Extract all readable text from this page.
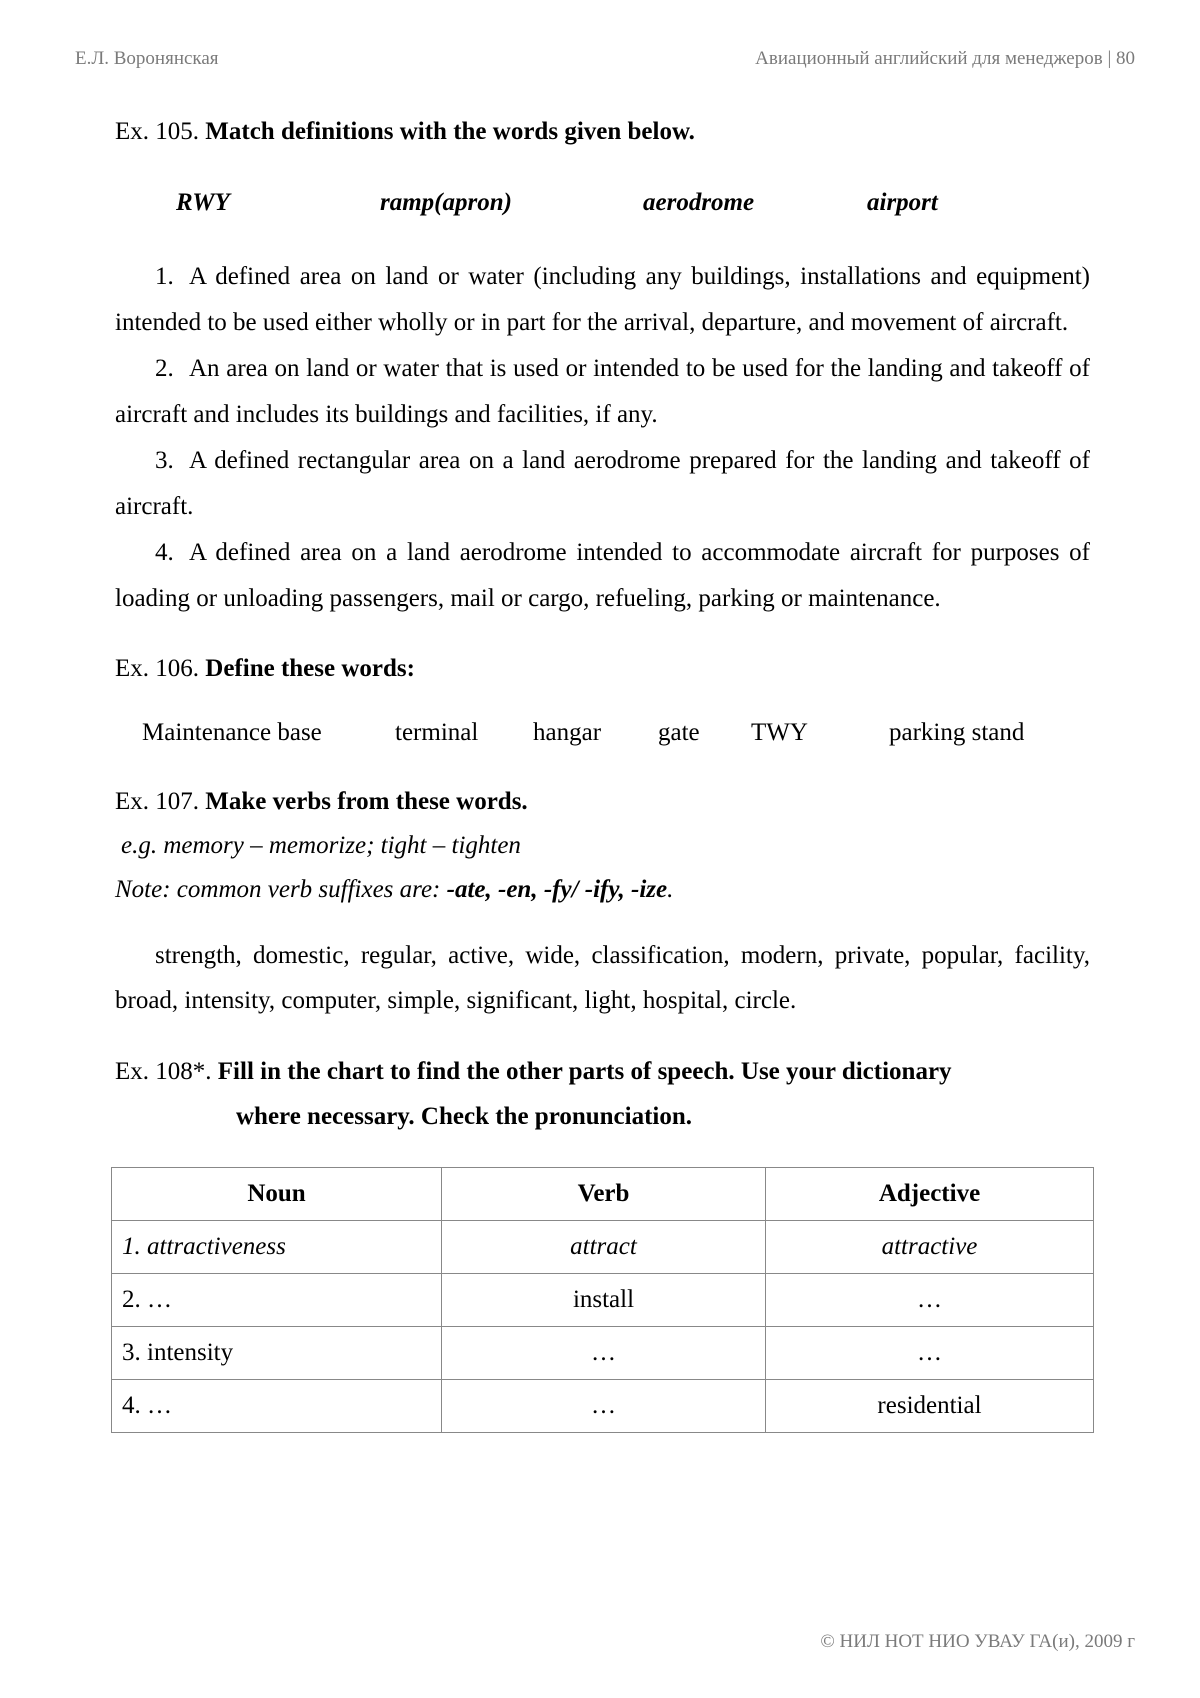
Е.Л. Воронянская	Авиационный английский для менеджеров | 80
Ex. 105. Match definitions with the words given below.
RWY	ramp(apron)	aerodrome	airport
1. A defined area on land or water (including any buildings, installations and equipment) intended to be used either wholly or in part for the arrival, departure, and movement of aircraft.
2. An area on land or water that is used or intended to be used for the landing and takeoff of aircraft and includes its buildings and facilities, if any.
3. A defined rectangular area on a land aerodrome prepared for the landing and takeoff of aircraft.
4. A defined area on a land aerodrome intended to accommodate aircraft for purposes of loading or unloading passengers, mail or cargo, refueling, parking or maintenance.
Ex. 106. Define these words:
Maintenance base	terminal hangar gate TWY	parking stand
Ex. 107. Make verbs from these words.
e.g. memory – memorize; tight – tighten
Note: common verb suffixes are: -ate, -en, -fy/ -ify, -ize.
strength, domestic, regular, active, wide, classification, modern, private, popular, facility, broad, intensity, computer, simple, significant, light, hospital, circle.
Ex. 108*. Fill in the chart to find the other parts of speech. Use your dictionary
where necessary. Check the pronunciation.
Noun	Verb	Adjective
1. attractiveness	attract	attractive
2. …	install	…
3. intensity	…	…
4. …	…	residential
© НИЛ НОТ НИО УВАУ ГА(и), 2009 г
